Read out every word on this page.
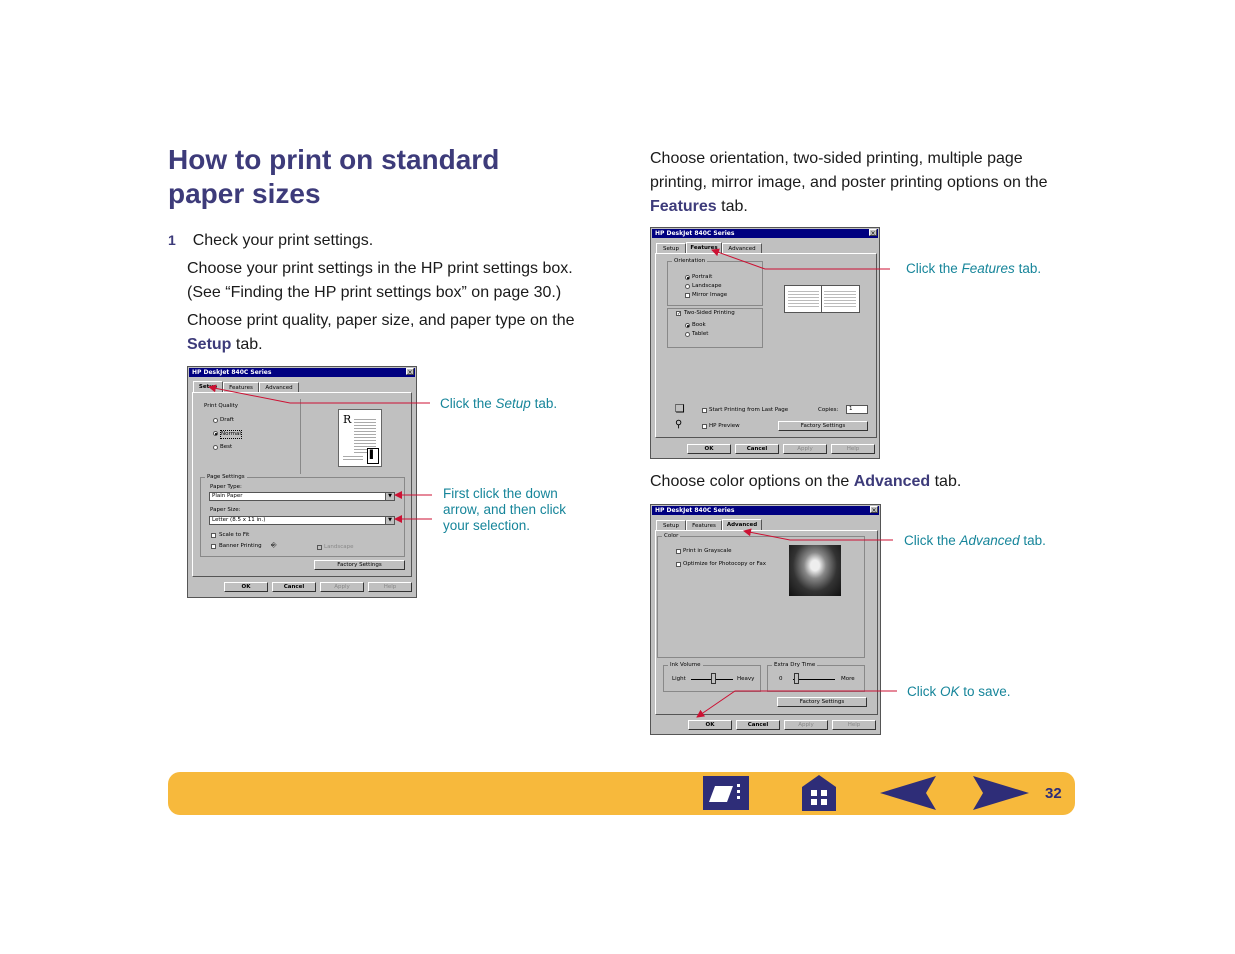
How to print on standard
paper sizes
1 Check your print settings.
Choose your print settings in the HP print settings box. (See “Finding the HP print settings box” on page 30.)
Choose print quality, paper size, and paper type on the
Setup tab.
Choose orientation, two-sided printing, multiple page printing, mirror image, and poster printing options on the Features tab.
Choose color options on the Advanced tab.
HP DeskJet 840C Series	×
Setup	Features	Advanced
Print Quality
Draft
Normal
Best
R
▌
Page Settings
Paper Type:
Plain Paper	▼
Paper Size:
Letter (8.5 x 11 in.)	▼
Scale to Fit
Banner Printing ⎆	Landscape
Factory Settings
OK	Cancel	Apply	Help
HP DeskJet 840C Series	×
Setup	Features	Advanced
Orientation
Portrait
Landscape
Mirror Image
✓ Two-Sided Printing
Book
Tablet
❏	Start Printing from Last Page	Copies:	1
⚲	HP Preview	Factory Settings
OK	Cancel	Apply	Help
HP DeskJet 840C Series	×
Setup	Features	Advanced
Color
Print in Grayscale
Optimize for Photocopy or Fax
Ink Volume
Light	Heavy
Extra Dry Time
0	More
Factory Settings
OK	Cancel	Apply	Help
Click the Setup tab.
First click the down arrow, and then click your selection.
Click the Features tab.
Click the Advanced tab.
Click OK to save.
32
